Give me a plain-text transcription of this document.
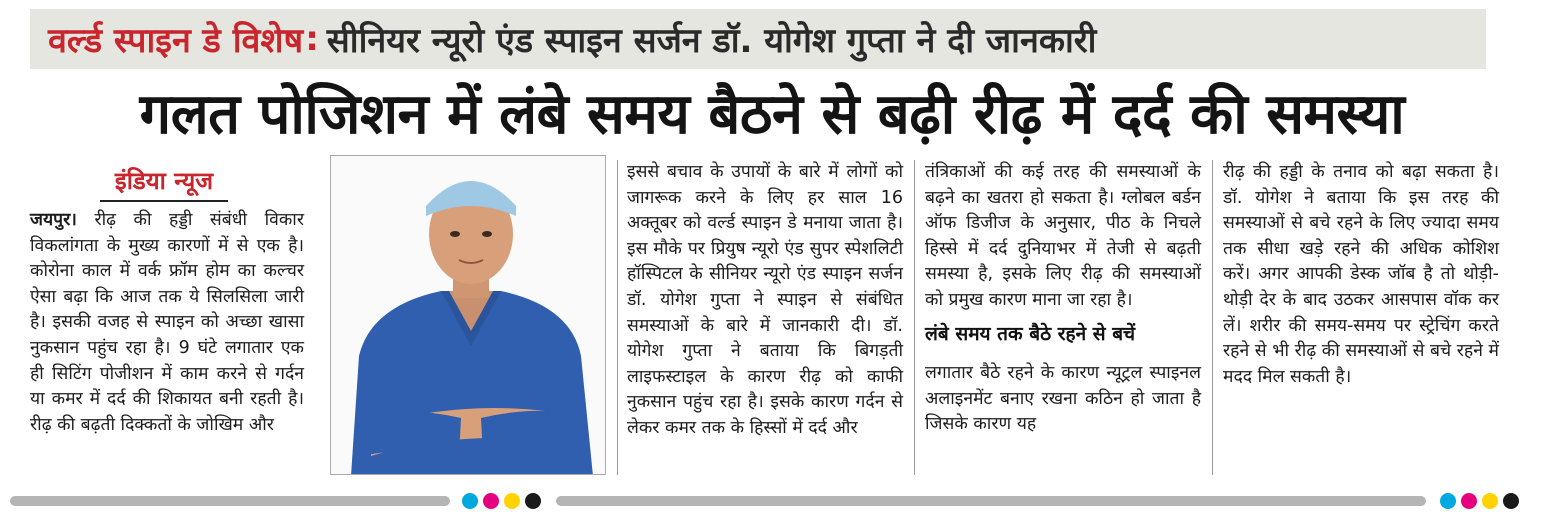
वर्ल्ड स्पाइन डे विशेष : सीनियर न्यूरो एंड स्पाइन सर्जन डॉ. योगेश गुप्ता ने दी जानकारी
गलत पोजिशन में लंबे समय बैठने से बढ़ी रीढ़ में दर्द की समस्या
इंडिया न्यूज

जयपुर। रीढ़ की हड्डी संबंधी विकार विकलांगता के मुख्य कारणों में से एक है। कोरोना काल में वर्क फ्रॉम होम का कल्चर ऐसा बढ़ा कि आज तक ये सिलसिला जारी है। इसकी वजह से स्पाइन को अच्छा खासा नुकसान पहुंच रहा है। 9 घंटे लगातार एक ही सिटिंग पोजीशन में काम करने से गर्दन या कमर में दर्द की शिकायत बनी रहती है। रीढ़ की बढ़ती दिक्कतों के जोखिम और

इससे बचाव के उपायों के बारे में लोगों को जागरूक करने के लिए हर साल 16 अक्तूबर को वर्ल्ड स्पाइन डे मनाया जाता है। इस मौके पर प्रियुष न्यूरो एंड सुपर स्पेशलिटी हॉस्पिटल के सीनियर न्यूरो एंड स्पाइन सर्जन डॉ. योगेश गुप्ता ने स्पाइन से संबंधित समस्याओं के बारे में जानकारी दी। डॉ. योगेश गुप्ता ने बताया कि बिगड़ती लाइफस्टाइल के कारण रीढ़ को काफी नुकसान पहुंच रहा है। इसके कारण गर्दन से लेकर कमर तक के हिस्सों में दर्द और

तंत्रिकाओं की कई तरह की समस्याओं के बढ़ने का खतरा हो सकता है। ग्लोबल बर्डन ऑफ डिजीज के अनुसार, पीठ के निचले हिस्से में दर्द दुनियाभर में तेजी से बढ़ती समस्या है, इसके लिए रीढ़ की समस्याओं को प्रमुख कारण माना जा रहा है।

लंबे समय तक बैठे रहने से बचें

लगातार बैठे रहने के कारण न्यूट्रल स्पाइनल अलाइनमेंट बनाए रखना कठिन हो जाता है जिसके कारण यह

रीढ़ की हड्डी के तनाव को बढ़ा सकता है। डॉ. योगेश ने बताया कि इस तरह की समस्याओं से बचे रहने के लिए ज्यादा समय तक सीधा खड़े रहने की अधिक कोशिश करें। अगर आपकी डेस्क जॉब है तो थोड़ी-थोड़ी देर के बाद उठकर आसपास वॉक कर लें। शरीर की समय-समय पर स्ट्रेचिंग करते रहने से भी रीढ़ की समस्याओं से बचे रहने में मदद मिल सकती है।
